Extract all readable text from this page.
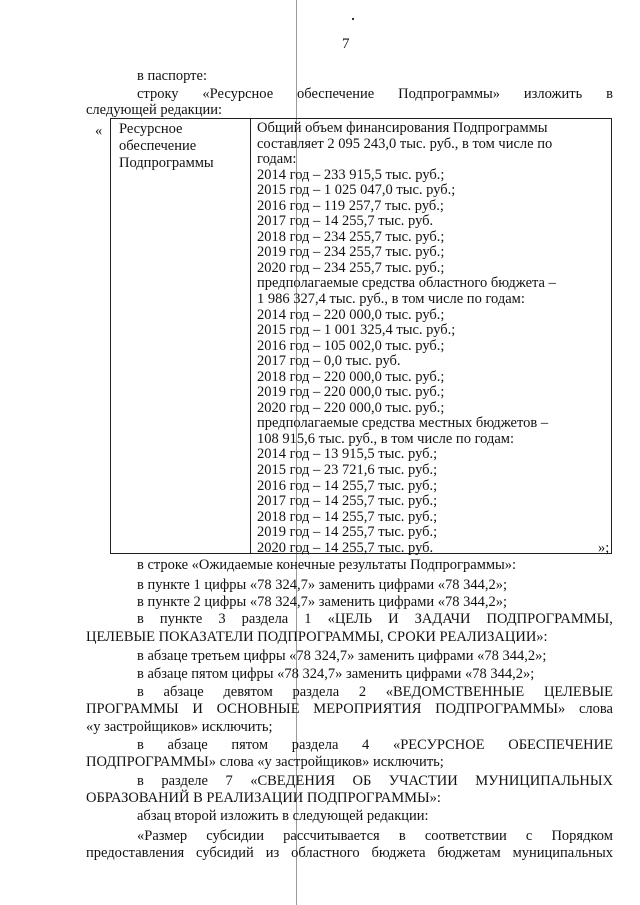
7
в паспорте:
строку «Ресурсное обеспечение Подпрограммы» изложить в
следующей редакции:
« Ресурсное
обеспечение
Подпрограммы
Общий объем финансирования Подпрограммы
составляет 2 095 243,0 тыс. руб., в том числе по
годам:
2014 год – 233 915,5 тыс. руб.;
2015 год – 1 025 047,0 тыс. руб.;
2016 год – 119 257,7 тыс. руб.;
2017 год – 14 255,7 тыс. руб.
2018 год – 234 255,7 тыс. руб.;
2019 год – 234 255,7 тыс. руб.;
2020 год – 234 255,7 тыс. руб.;
предполагаемые средства областного бюджета –
1 986 327,4 тыс. руб., в том числе по годам:
2014 год – 220 000,0 тыс. руб.;
2015 год – 1 001 325,4 тыс. руб.;
2016 год – 105 002,0 тыс. руб.;
2017 год – 0,0 тыс. руб.
2018 год – 220 000,0 тыс. руб.;
2019 год – 220 000,0 тыс. руб.;
2020 год – 220 000,0 тыс. руб.;
предполагаемые средства местных бюджетов –
108 915,6 тыс. руб., в том числе по годам:
2014 год – 13 915,5 тыс. руб.;
2015 год – 23 721,6 тыс. руб.;
2016 год – 14 255,7 тыс. руб.;
2017 год – 14 255,7 тыс. руб.;
2018 год – 14 255,7 тыс. руб.;
2019 год – 14 255,7 тыс. руб.;
2020 год – 14 255,7 тыс. руб.	»;
в строке «Ожидаемые конечные результаты Подпрограммы»:
в пункте 1 цифры «78 324,7» заменить цифрами «78 344,2»;
в пункте 2 цифры «78 324,7» заменить цифрами «78 344,2»;
в пункте 3 раздела 1 «ЦЕЛЬ И ЗАДАЧИ ПОДПРОГРАММЫ,
ЦЕЛЕВЫЕ ПОКАЗАТЕЛИ ПОДПРОГРАММЫ, СРОКИ РЕАЛИЗАЦИИ»:
в абзаце третьем цифры «78 324,7» заменить цифрами «78 344,2»;
в абзаце пятом цифры «78 324,7» заменить цифрами «78 344,2»;
в абзаце девятом раздела 2 «ВЕДОМСТВЕННЫЕ ЦЕЛЕВЫЕ
ПРОГРАММЫ И ОСНОВНЫЕ МЕРОПРИЯТИЯ ПОДПРОГРАММЫ» слова
«у застройщиков» исключить;
в абзаце пятом раздела 4 «РЕСУРСНОЕ ОБЕСПЕЧЕНИЕ
ПОДПРОГРАММЫ» слова «у застройщиков» исключить;
в разделе 7 «СВЕДЕНИЯ ОБ УЧАСТИИ МУНИЦИПАЛЬНЫХ
ОБРАЗОВАНИЙ В РЕАЛИЗАЦИИ ПОДПРОГРАММЫ»:
абзац второй изложить в следующей редакции:
«Размер субсидии рассчитывается в соответствии с Порядком
предоставления субсидий из областного бюджета бюджетам муниципальных
